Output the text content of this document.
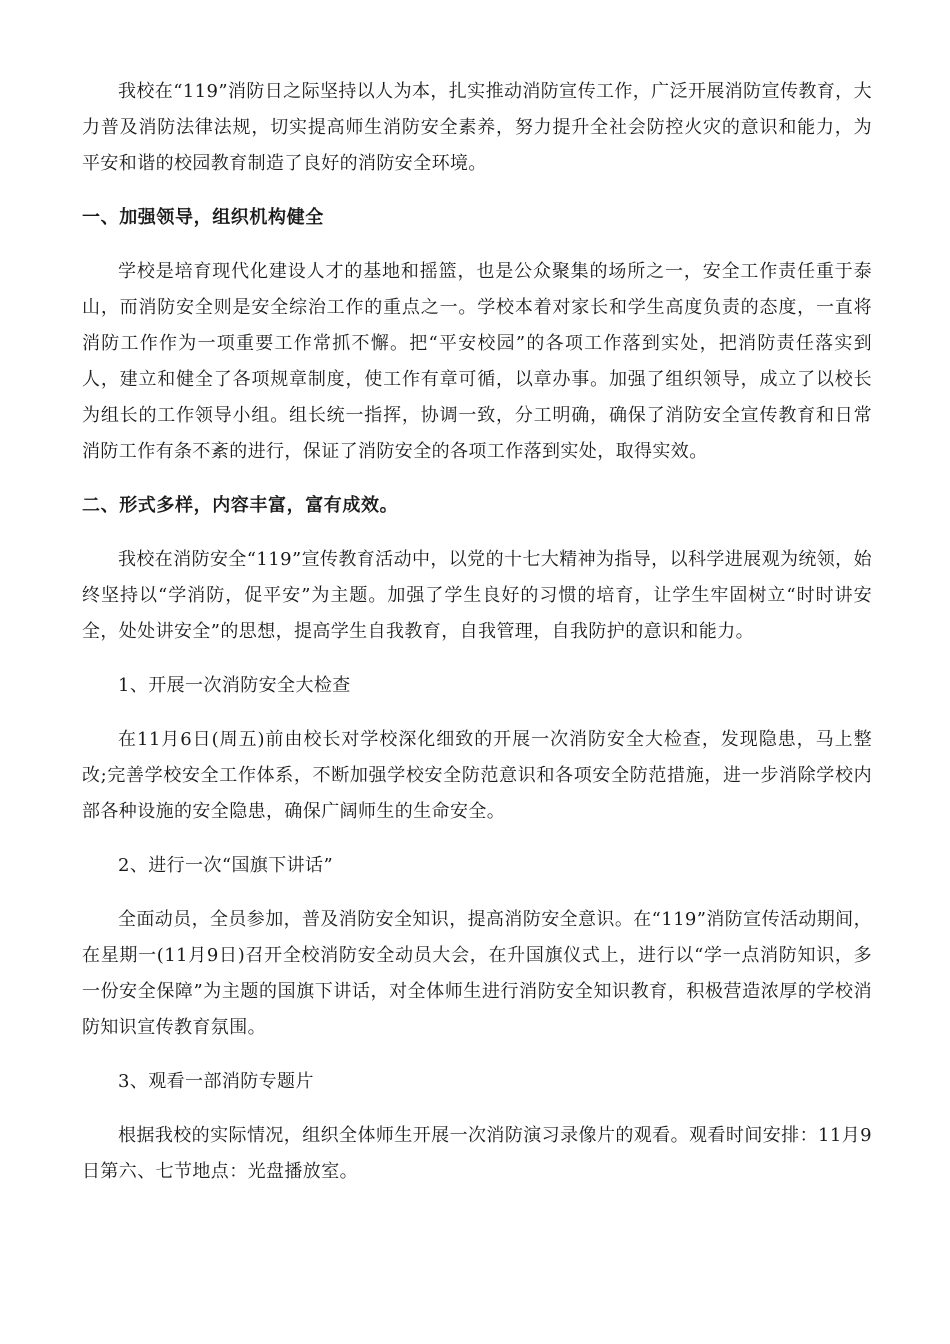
我校在“119”消防日之际坚持以人为本，扎实推动消防宣传工作，广泛开展消防宣传教育，大力普及消防法律法规，切实提高师生消防安全素养，努力提升全社会防控火灾的意识和能力，为平安和谐的校园教育制造了良好的消防安全环境。

一、加强领导，组织机构健全

学校是培育现代化建设人才的基地和摇篮，也是公众聚集的场所之一，安全工作责任重于泰山，而消防安全则是安全综治工作的重点之一。学校本着对家长和学生高度负责的态度，一直将消防工作作为一项重要工作常抓不懈。把“平安校园”的各项工作落到实处，把消防责任落实到人，建立和健全了各项规章制度，使工作有章可循，以章办事。加强了组织领导，成立了以校长为组长的工作领导小组。组长统一指挥，协调一致，分工明确，确保了消防安全宣传教育和日常消防工作有条不紊的进行，保证了消防安全的各项工作落到实处，取得实效。

二、形式多样，内容丰富，富有成效。

我校在消防安全“119”宣传教育活动中，以党的十七大精神为指导，以科学进展观为统领，始终坚持以“学消防，促平安”为主题。加强了学生良好的习惯的培育，让学生牢固树立“时时讲安全，处处讲安全”的思想，提高学生自我教育，自我管理，自我防护的意识和能力。

1、开展一次消防安全大检查

在11月6日(周五)前由校长对学校深化细致的开展一次消防安全大检查，发现隐患，马上整改;完善学校安全工作体系，不断加强学校安全防范意识和各项安全防范措施，进一步消除学校内部各种设施的安全隐患，确保广阔师生的生命安全。

2、进行一次“国旗下讲话”

全面动员，全员参加，普及消防安全知识，提高消防安全意识。在“119”消防宣传活动期间，在星期一(11月9日)召开全校消防安全动员大会，在升国旗仪式上，进行以“学一点消防知识，多一份安全保障”为主题的国旗下讲话，对全体师生进行消防安全知识教育，积极营造浓厚的学校消防知识宣传教育氛围。

3、观看一部消防专题片

根据我校的实际情况，组织全体师生开展一次消防演习录像片的观看。观看时间安排：11月9日第六、七节地点：光盘播放室。
